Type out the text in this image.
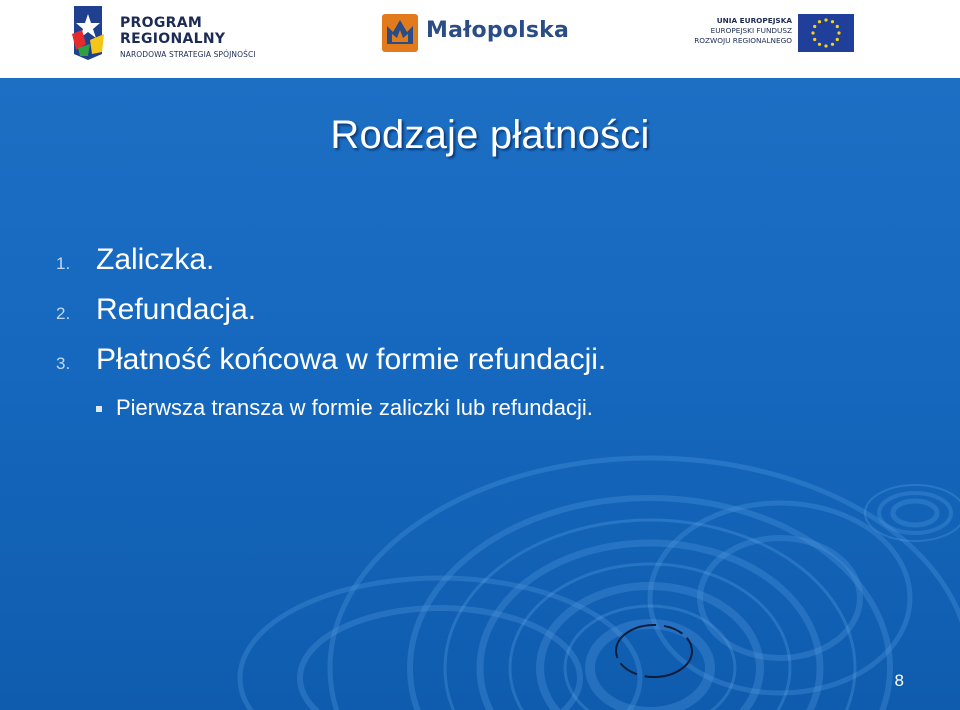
PROGRAM
REGIONALNY
NARODOWA STRATEGIA SPÓJNOŚCI
Małopolska	UNIA EUROPEJSKA
EUROPEJSKI FUNDUSZ
ROZWOJU REGIONALNEGO
Rodzaje płatności
1. Zaliczka.
2. Refundacja.
3. Płatność końcowa w formie refundacji.
Pierwsza transza w formie zaliczki lub refundacji.
8
